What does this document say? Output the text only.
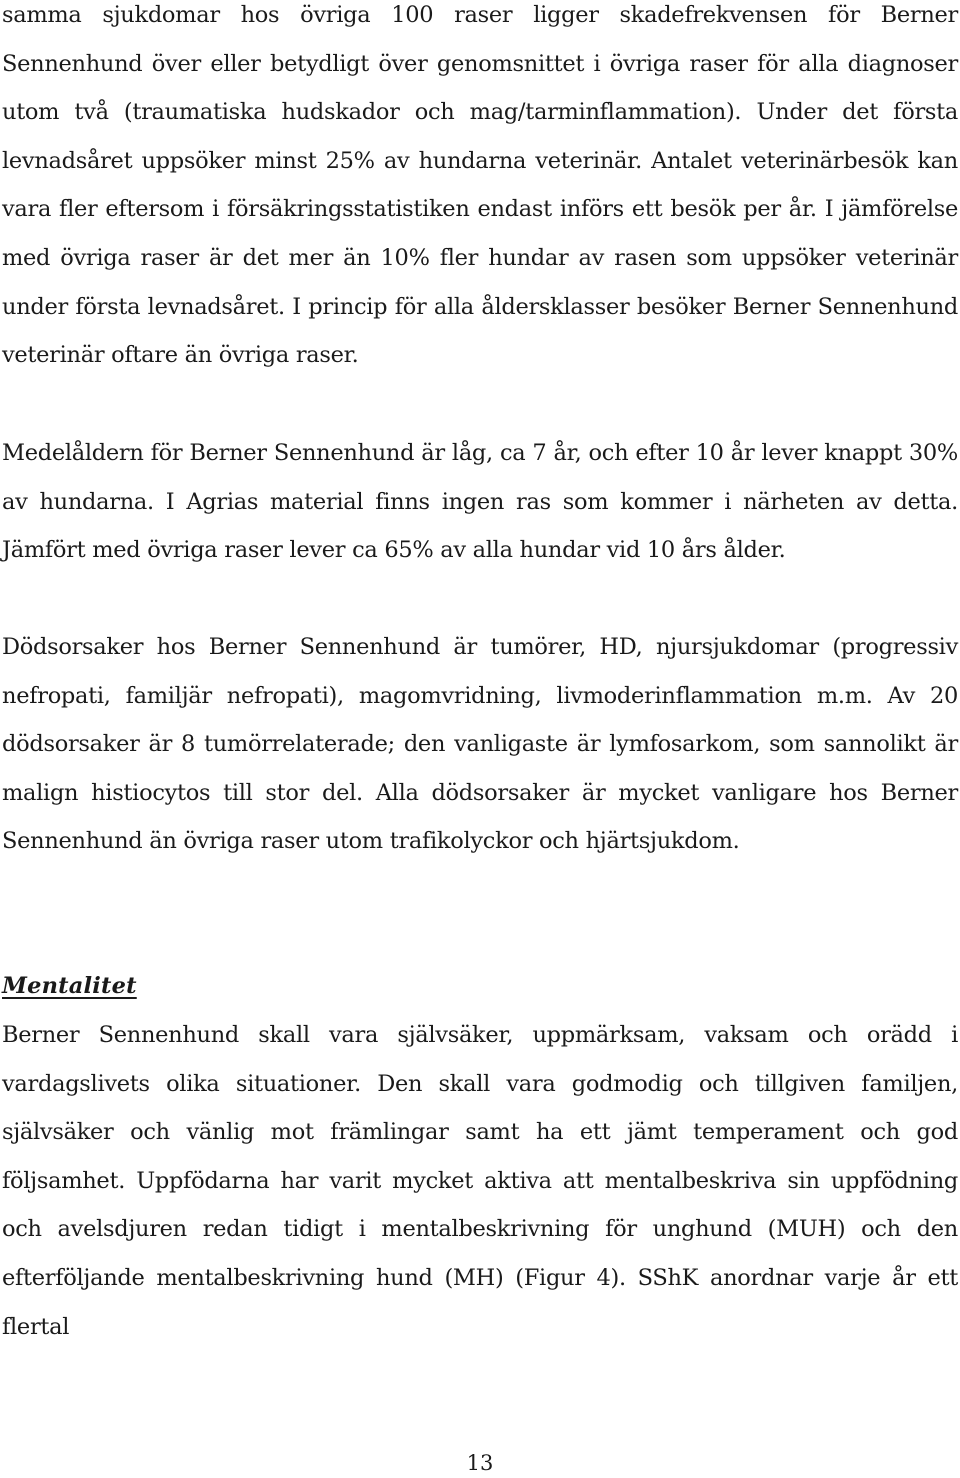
samma sjukdomar hos övriga 100 raser ligger skadefrekvensen för Berner Sennenhund över eller betydligt över genomsnittet i övriga raser för alla diagnoser utom två (traumatiska hudskador och mag/tarminflammation). Under det första levnadsåret uppsöker minst 25% av hundarna veterinär. Antalet veterinärbesök kan vara fler eftersom i försäkringsstatistiken endast införs ett besök per år. I jämförelse med övriga raser är det mer än 10% fler hundar av rasen som uppsöker veterinär under första levnadsåret. I princip för alla åldersklasser besöker Berner Sennenhund veterinär oftare än övriga raser.

Medelåldern för Berner Sennenhund är låg, ca 7 år, och efter 10 år lever knappt 30% av hundarna. I Agrias material finns ingen ras som kommer i närheten av detta. Jämfört med övriga raser lever ca 65% av alla hundar vid 10 års ålder.

Dödsorsaker hos Berner Sennenhund är tumörer, HD, njursjukdomar (progressiv nefropati, familjär nefropati), magomvridning, livmoderinflammation m.m. Av 20 dödsorsaker är 8 tumörrelaterade; den vanligaste är lymfosarkom, som sannolikt är malign histiocytos till stor del. Alla dödsorsaker är mycket vanligare hos Berner Sennenhund än övriga raser utom trafikolyckor och hjärtsjukdom.

Mentalitet

Berner Sennenhund skall vara självsäker, uppmärksam, vaksam och orädd i vardagslivets olika situationer. Den skall vara godmodig och tillgiven familjen, självsäker och vänlig mot främlingar samt ha ett jämt temperament och god följsamhet. Uppfödarna har varit mycket aktiva att mentalbeskriva sin uppfödning och avelsdjuren redan tidigt i mentalbeskrivning för unghund (MUH) och den efterföljande mentalbeskrivning hund (MH) (Figur 4). SShK anordnar varje år ett flertal

13
